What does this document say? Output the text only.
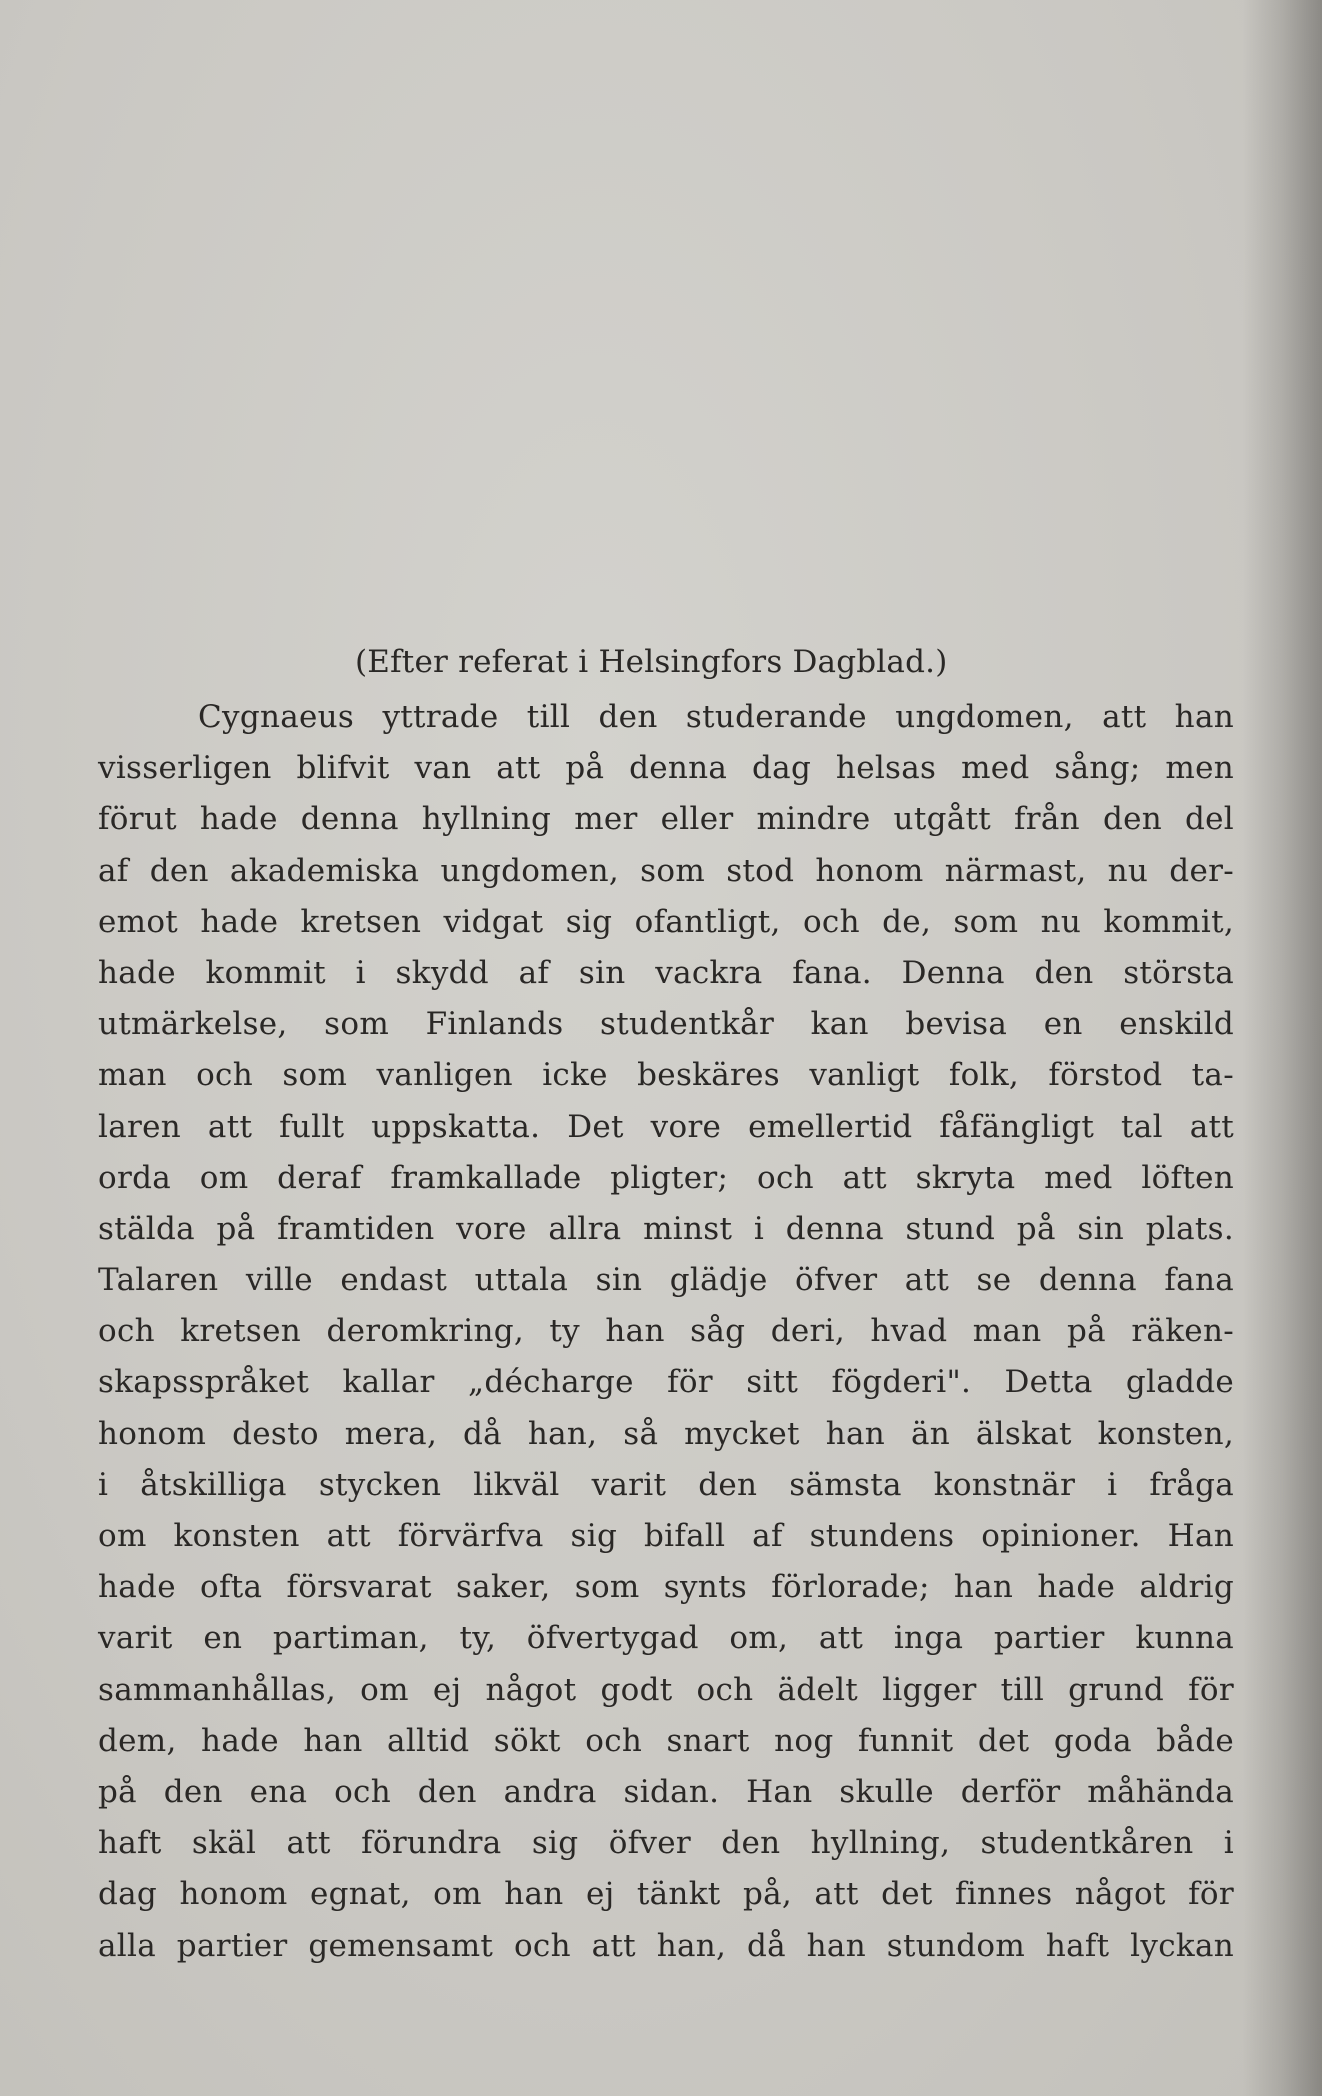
(Efter referat i Helsingfors Dagblad.)
Cygnaeus yttrade till den studerande ungdomen, att han
visserligen blifvit van att på denna dag helsas med sång; men
förut hade denna hyllning mer eller mindre utgått från den del
af den akademiska ungdomen, som stod honom närmast, nu der-
emot hade kretsen vidgat sig ofantligt, och de, som nu kommit,
hade kommit i skydd af sin vackra fana. Denna den största
utmärkelse, som Finlands studentkår kan bevisa en enskild
man och som vanligen icke beskäres vanligt folk, förstod ta-
laren att fullt uppskatta. Det vore emellertid fåfängligt tal att
orda om deraf framkallade pligter; och att skryta med löften
stälda på framtiden vore allra minst i denna stund på sin plats.
Talaren ville endast uttala sin glädje öfver att se denna fana
och kretsen deromkring, ty han såg deri, hvad man på räken-
skapsspråket kallar „décharge för sitt fögderi". Detta gladde
honom desto mera, då han, så mycket han än älskat konsten,
i åtskilliga stycken likväl varit den sämsta konstnär i fråga
om konsten att förvärfva sig bifall af stundens opinioner. Han
hade ofta försvarat saker, som synts förlorade; han hade aldrig
varit en partiman, ty, öfvertygad om, att inga partier kunna
sammanhållas, om ej något godt och ädelt ligger till grund för
dem, hade han alltid sökt och snart nog funnit det goda både
på den ena och den andra sidan. Han skulle derför måhända
haft skäl att förundra sig öfver den hyllning, studentkåren i
dag honom egnat, om han ej tänkt på, att det finnes något för
alla partier gemensamt och att han, då han stundom haft lyckan
